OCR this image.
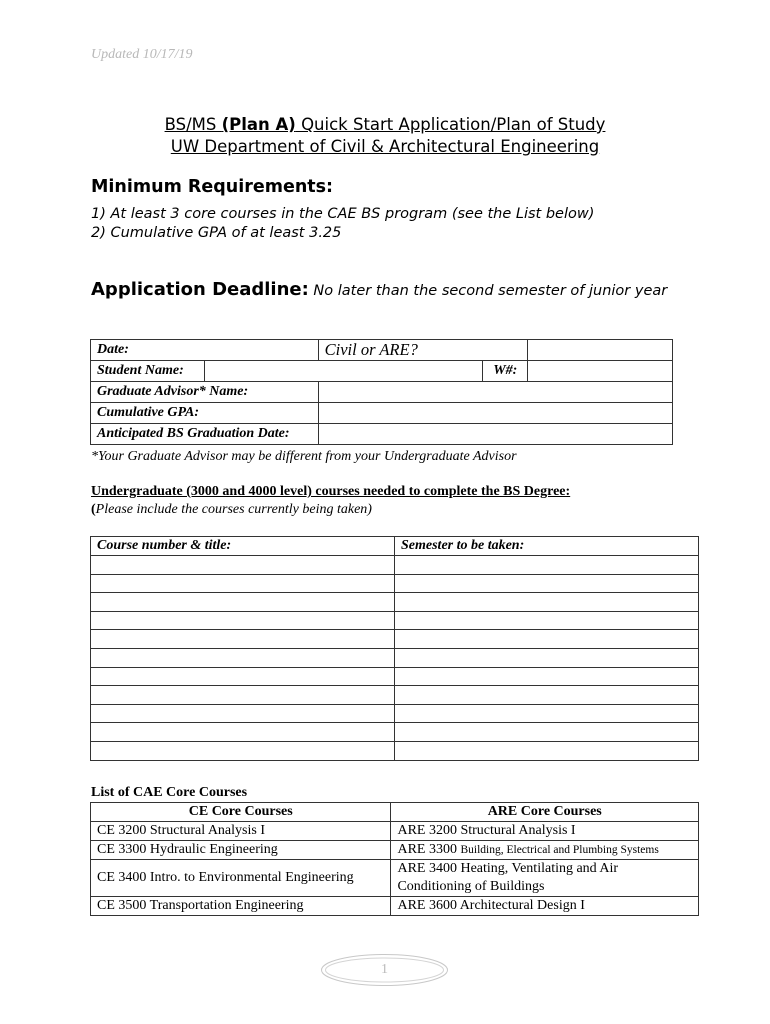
Updated 10/17/19
BS/MS (Plan A) Quick Start Application/Plan of Study
UW Department of Civil & Architectural Engineering
Minimum Requirements:
1) At least 3 core courses in the CAE BS program (see the List below)
2) Cumulative GPA of at least 3.25
Application Deadline: No later than the second semester of junior year
Date:		Civil or ARE?		
Student Name:			W#:	
Graduate Advisor* Name:				
Cumulative GPA:				
Anticipated BS Graduation Date:				
*Your Graduate Advisor may be different from your Undergraduate Advisor
Undergraduate (3000 and 4000 level) courses needed to complete the BS Degree:
(Please include the courses currently being taken)
Course number & title:	Semester to be taken:

List of CAE Core Courses
CE Core Courses	ARE Core Courses
CE 3200 Structural Analysis I	ARE 3200 Structural Analysis I
CE 3300 Hydraulic Engineering	ARE 3300 Building, Electrical and Plumbing Systems
CE 3400 Intro. to Environmental Engineering	ARE 3400 Heating, Ventilating and Air Conditioning of Buildings
CE 3500 Transportation Engineering	ARE 3600 Architectural Design I
1
